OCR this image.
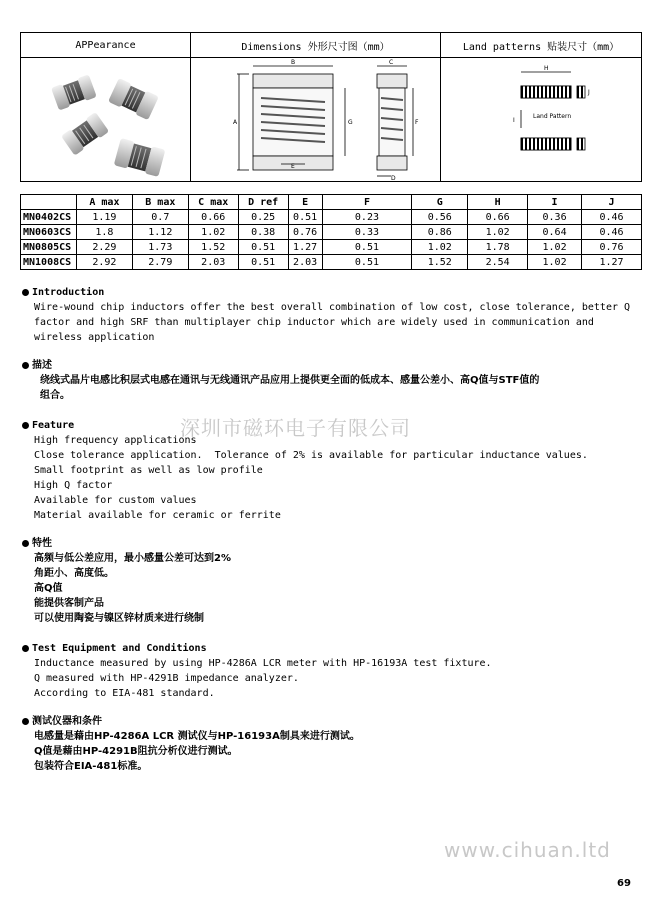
APPearance	Dimensions 外形尺寸图（mm）	Land patterns 贴装尺寸（mm）
A
B
G
E
C
F
D
H
I
J
Land Pattern
	A max	B max	C max	D ref	E	F	G	H	I	J
MN0402CS	1.19	0.7	0.66	0.25	0.51	0.23	0.56	0.66	0.36	0.46
MN0603CS	1.8	1.12	1.02	0.38	0.76	0.33	0.86	1.02	0.64	0.46
MN0805CS	2.29	1.73	1.52	0.51	1.27	0.51	1.02	1.78	1.02	0.76
MN1008CS	2.92	2.79	2.03	0.51	2.03	0.51	1.52	2.54	1.02	1.27
Introduction
Wire-wound chip inductors offer the best overall combination of low cost, close tolerance, better Q
factor and high SRF than multiplayer chip inductor which are widely used in communication and
wireless application
描述
绕线式晶片电感比积层式电感在通讯与无线通讯产品应用上提供更全面的低成本、感量公差小、高Q值与STF值的
组合。
深圳市磁环电子有限公司
Feature
High frequency applications
Close tolerance application.  Tolerance of 2% is available for particular inductance values.
Small footprint as well as low profile
High Q factor
Available for custom values
Material available for ceramic or ferrite
特性
高频与低公差应用，最小感量公差可达到2%
角距小、高度低。
高Q值
能提供客制产品
可以使用陶瓷与镍区锌材质来进行绕制
Test Equipment and Conditions
Inductance measured by using HP-4286A LCR meter with HP-16193A test fixture.
Q measured with HP-4291B impedance analyzer.
According to EIA-481 standard.
测试仪器和条件
电感量是藉由HP-4286A LCR 测试仪与HP-16193A制具来进行测试。
Q值是藉由HP-4291B阻抗分析仪进行测试。
包装符合EIA-481标准。
www.cihuan.ltd
69
